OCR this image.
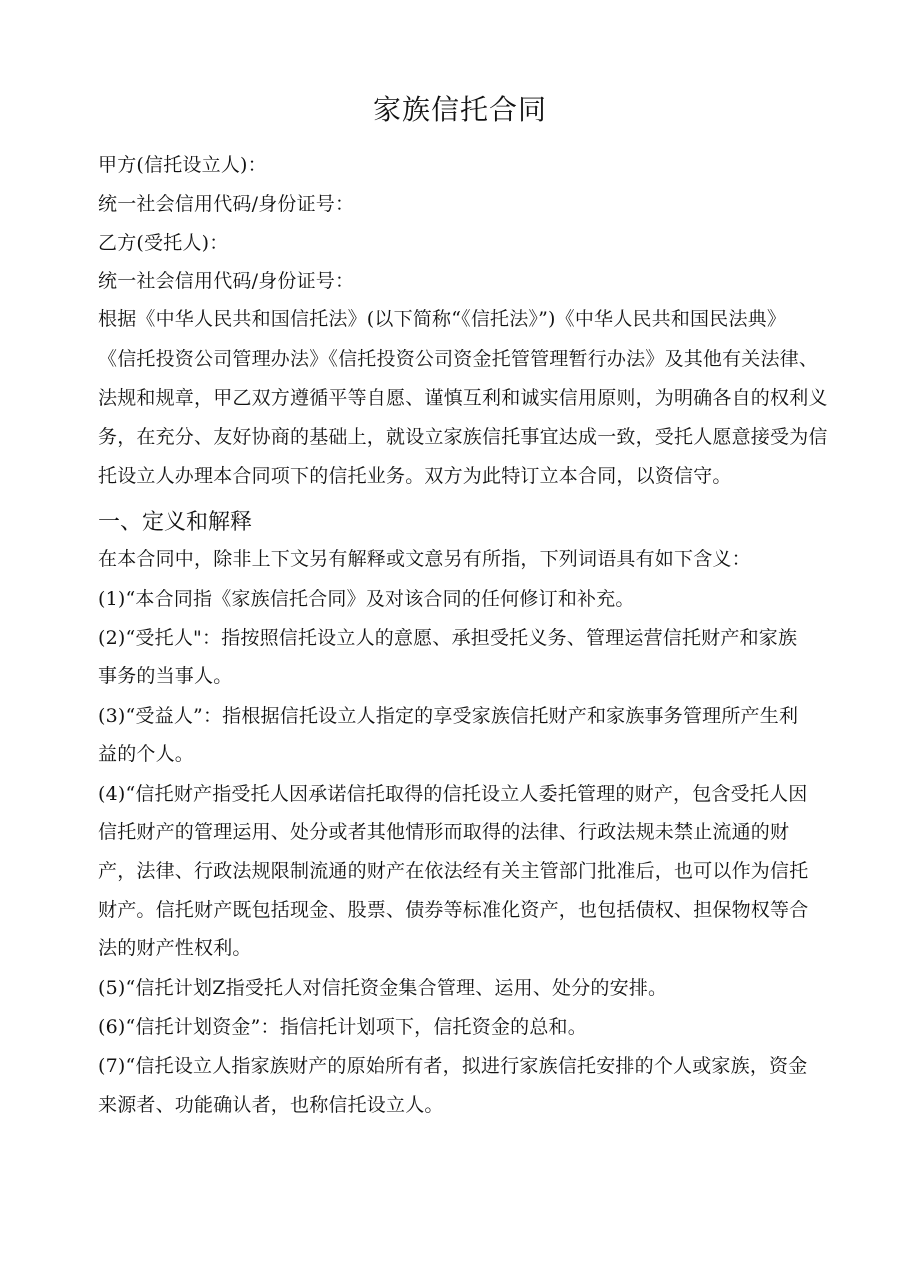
家族信托合同
甲方(信托设立人)：
统一社会信用代码/身份证号：
乙方(受托人)：
统一社会信用代码/身份证号：
根据《中华人民共和国信托法》(以下简称“《信托法》”)《中华人民共和国民法典》
《信托投资公司管理办法》《信托投资公司资金托管管理暂行办法》及其他有关法律、
法规和规章，甲乙双方遵循平等自愿、谨慎互利和诚实信用原则，为明确各自的权利义
务，在充分、友好协商的基础上，就设立家族信托事宜达成一致，受托人愿意接受为信
托设立人办理本合同项下的信托业务。双方为此特订立本合同，以资信守。
一、定义和解释
在本合同中，除非上下文另有解释或文意另有所指，下列词语具有如下含义：
(1)“本合同指《家族信托合同》及对该合同的任何修订和补充。
(2)“受托人"：指按照信托设立人的意愿、承担受托义务、管理运营信托财产和家族
事务的当事人。
(3)“受益人”：指根据信托设立人指定的享受家族信托财产和家族事务管理所产生利
益的个人。
(4)“信托财产指受托人因承诺信托取得的信托设立人委托管理的财产，包含受托人因
信托财产的管理运用、处分或者其他情形而取得的法律、行政法规未禁止流通的财
产，法律、行政法规限制流通的财产在依法经有关主管部门批准后，也可以作为信托
财产。信托财产既包括现金、股票、债券等标准化资产，也包括债权、担保物权等合
法的财产性权利。
(5)“信托计划Z指受托人对信托资金集合管理、运用、处分的安排。
(6)“信托计划资金”：指信托计划项下，信托资金的总和。
(7)“信托设立人指家族财产的原始所有者，拟进行家族信托安排的个人或家族，资金
来源者、功能确认者，也称信托设立人。
